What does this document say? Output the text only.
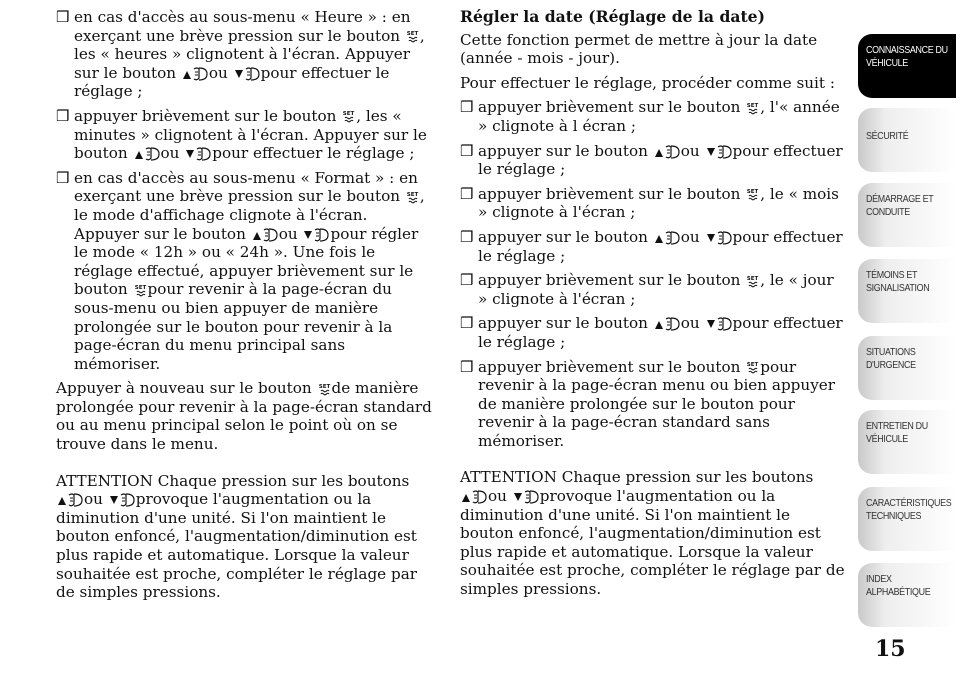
❒ en cas d'accès au sous-menu « Heure » : en exerçant une brève pression sur le bouton SET , les « heures » clignotent à l'écran. Appuyer sur le bouton
ou
pour effectuer le réglage ;
❒ appuyer brièvement sur le bouton SET , les « minutes » clignotent à l'écran. Appuyer sur le bouton
ou
pour effectuer le réglage ;
❒ en cas d'accès au sous-menu « Format » : en exerçant une brève pression sur le bouton SET , le mode d'affichage clignote à l'écran. Appuyer sur le bouton
ou
pour régler le mode « 12h » ou « 24h ». Une fois le réglage effectué, appuyer brièvement sur le bouton SET pour revenir à la page-écran du sous-menu ou bien appuyer de manière prolongée sur le bouton pour revenir à la page-écran du menu principal sans mémoriser.

Appuyer à nouveau sur le bouton SET de manière prolongée pour revenir à la page-écran standard ou au menu principal selon le point où on se trouve dans le menu.

ATTENTION Chaque pression sur les boutons
ou
provoque l'augmentation ou la diminution d'une unité. Si l'on maintient le bouton enfoncé, l'augmentation/diminution est plus rapide et automatique. Lorsque la valeur souhaitée est proche, compléter le réglage par de simples pressions.

Régler la date (Réglage de la date)

Cette fonction permet de mettre à jour la date (année - mois - jour).

Pour effectuer le réglage, procéder comme suit :

❒ appuyer brièvement sur le bouton SET , l'« année » clignote à l écran ;
❒ appuyer sur le bouton
ou
pour effectuer le réglage ;
❒ appuyer brièvement sur le bouton SET , le « mois » clignote à l'écran ;
❒ appuyer sur le bouton
ou
pour effectuer le réglage ;
❒ appuyer brièvement sur le bouton SET , le « jour » clignote à l'écran ;
❒ appuyer sur le bouton
ou
pour effectuer le réglage ;
❒ appuyer brièvement sur le bouton SET pour revenir à la page-écran menu ou bien appuyer de manière prolongée sur le bouton pour revenir à la page-écran standard sans mémoriser.

ATTENTION Chaque pression sur les boutons
ou
provoque l'augmentation ou la diminution d'une unité. Si l'on maintient le bouton enfoncé, l'augmentation/diminution est plus rapide et automatique. Lorsque la valeur souhaitée est proche, compléter le réglage par de simples pressions.

CONNAISSANCE DU
VÉHICULE
SÉCURITÉ
DÉMARRAGE ET
CONDUITE
TÉMOINS ET
SIGNALISATION
SITUATIONS
D'URGENCE
ENTRETIEN DU
VÉHICULE
CARACTÉRISTIQUES
TECHNIQUES
INDEX
ALPHABÉTIQUE
15
